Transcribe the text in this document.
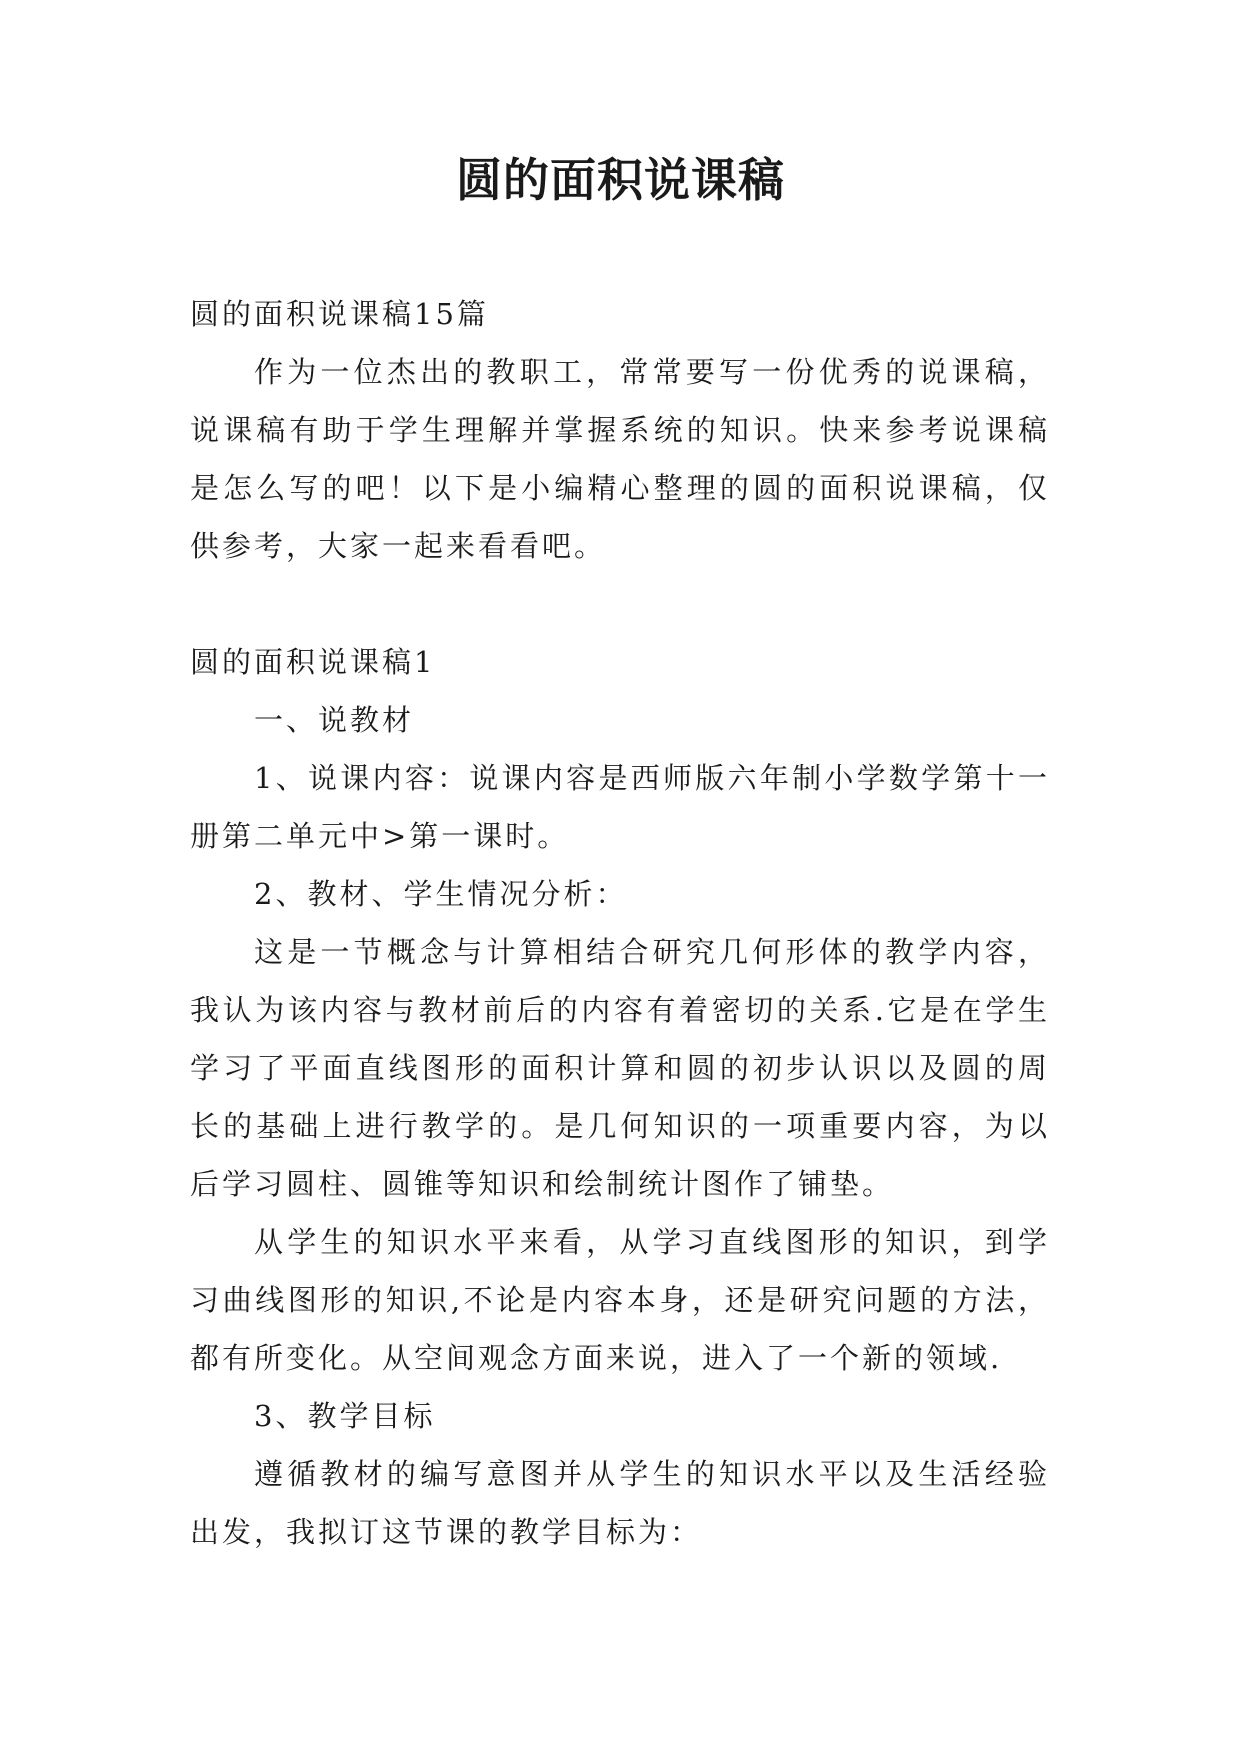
圆的面积说课稿

圆的面积说课稿15篇

作为一位杰出的教职工，常常要写一份优秀的说课稿，说课稿有助于学生理解并掌握系统的知识。快来参考说课稿是怎么写的吧！以下是小编精心整理的圆的面积说课稿，仅供参考，大家一起来看看吧。

圆的面积说课稿1

一、说教材

1、说课内容：说课内容是西师版六年制小学数学第十一册第二单元中>第一课时。

2、教材、学生情况分析：

这是一节概念与计算相结合研究几何形体的教学内容，我认为该内容与教材前后的内容有着密切的关系.它是在学生学习了平面直线图形的面积计算和圆的初步认识以及圆的周长的基础上进行教学的。是几何知识的一项重要内容，为以后学习圆柱、圆锥等知识和绘制统计图作了铺垫。

从学生的知识水平来看，从学习直线图形的知识，到学习曲线图形的知识,不论是内容本身，还是研究问题的方法，都有所变化。从空间观念方面来说，进入了一个新的领域.

3、教学目标

遵循教材的编写意图并从学生的知识水平以及生活经验出发，我拟订这节课的教学目标为：
